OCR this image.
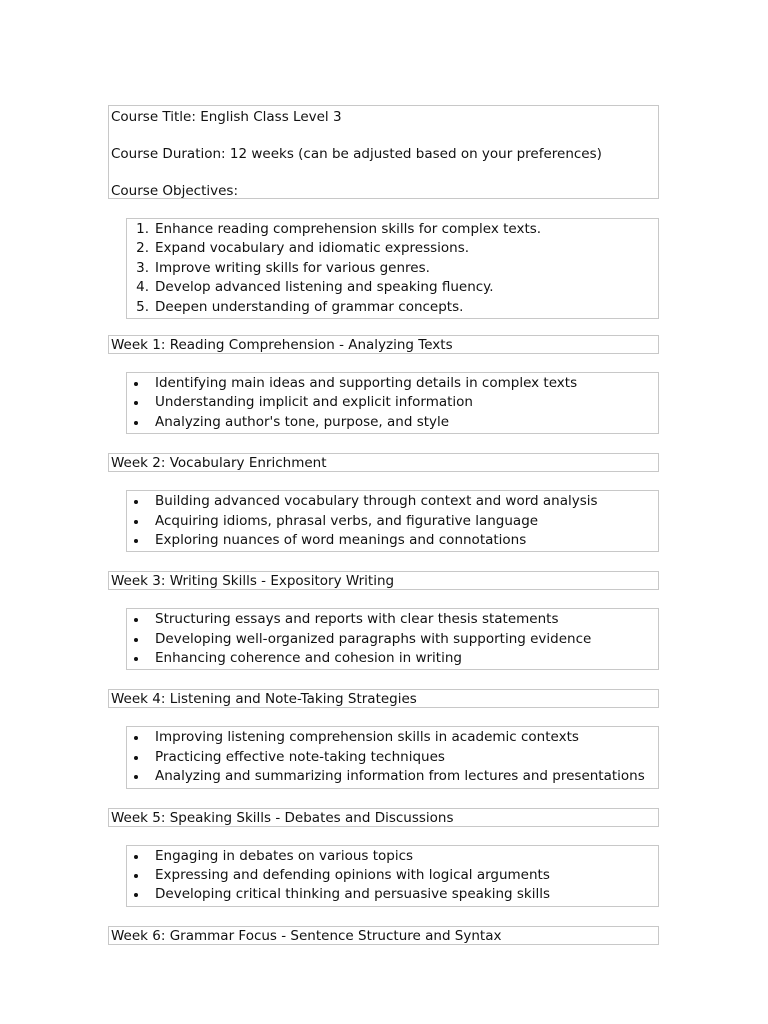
Course Title: English Class Level 3

Course Duration: 12 weeks (can be adjusted based on your preferences)

Course Objectives:

1. Enhance reading comprehension skills for complex texts.
2. Expand vocabulary and idiomatic expressions.
3. Improve writing skills for various genres.
4. Develop advanced listening and speaking fluency.
5. Deepen understanding of grammar concepts.
Week 1: Reading Comprehension - Analyzing Texts
Identifying main ideas and supporting details in complex texts
Understanding implicit and explicit information
Analyzing author's tone, purpose, and style
Week 2: Vocabulary Enrichment
Building advanced vocabulary through context and word analysis
Acquiring idioms, phrasal verbs, and figurative language
Exploring nuances of word meanings and connotations
Week 3: Writing Skills - Expository Writing
Structuring essays and reports with clear thesis statements
Developing well-organized paragraphs with supporting evidence
Enhancing coherence and cohesion in writing
Week 4: Listening and Note-Taking Strategies
Improving listening comprehension skills in academic contexts
Practicing effective note-taking techniques
Analyzing and summarizing information from lectures and presentations
Week 5: Speaking Skills - Debates and Discussions
Engaging in debates on various topics
Expressing and defending opinions with logical arguments
Developing critical thinking and persuasive speaking skills
Week 6: Grammar Focus - Sentence Structure and Syntax
